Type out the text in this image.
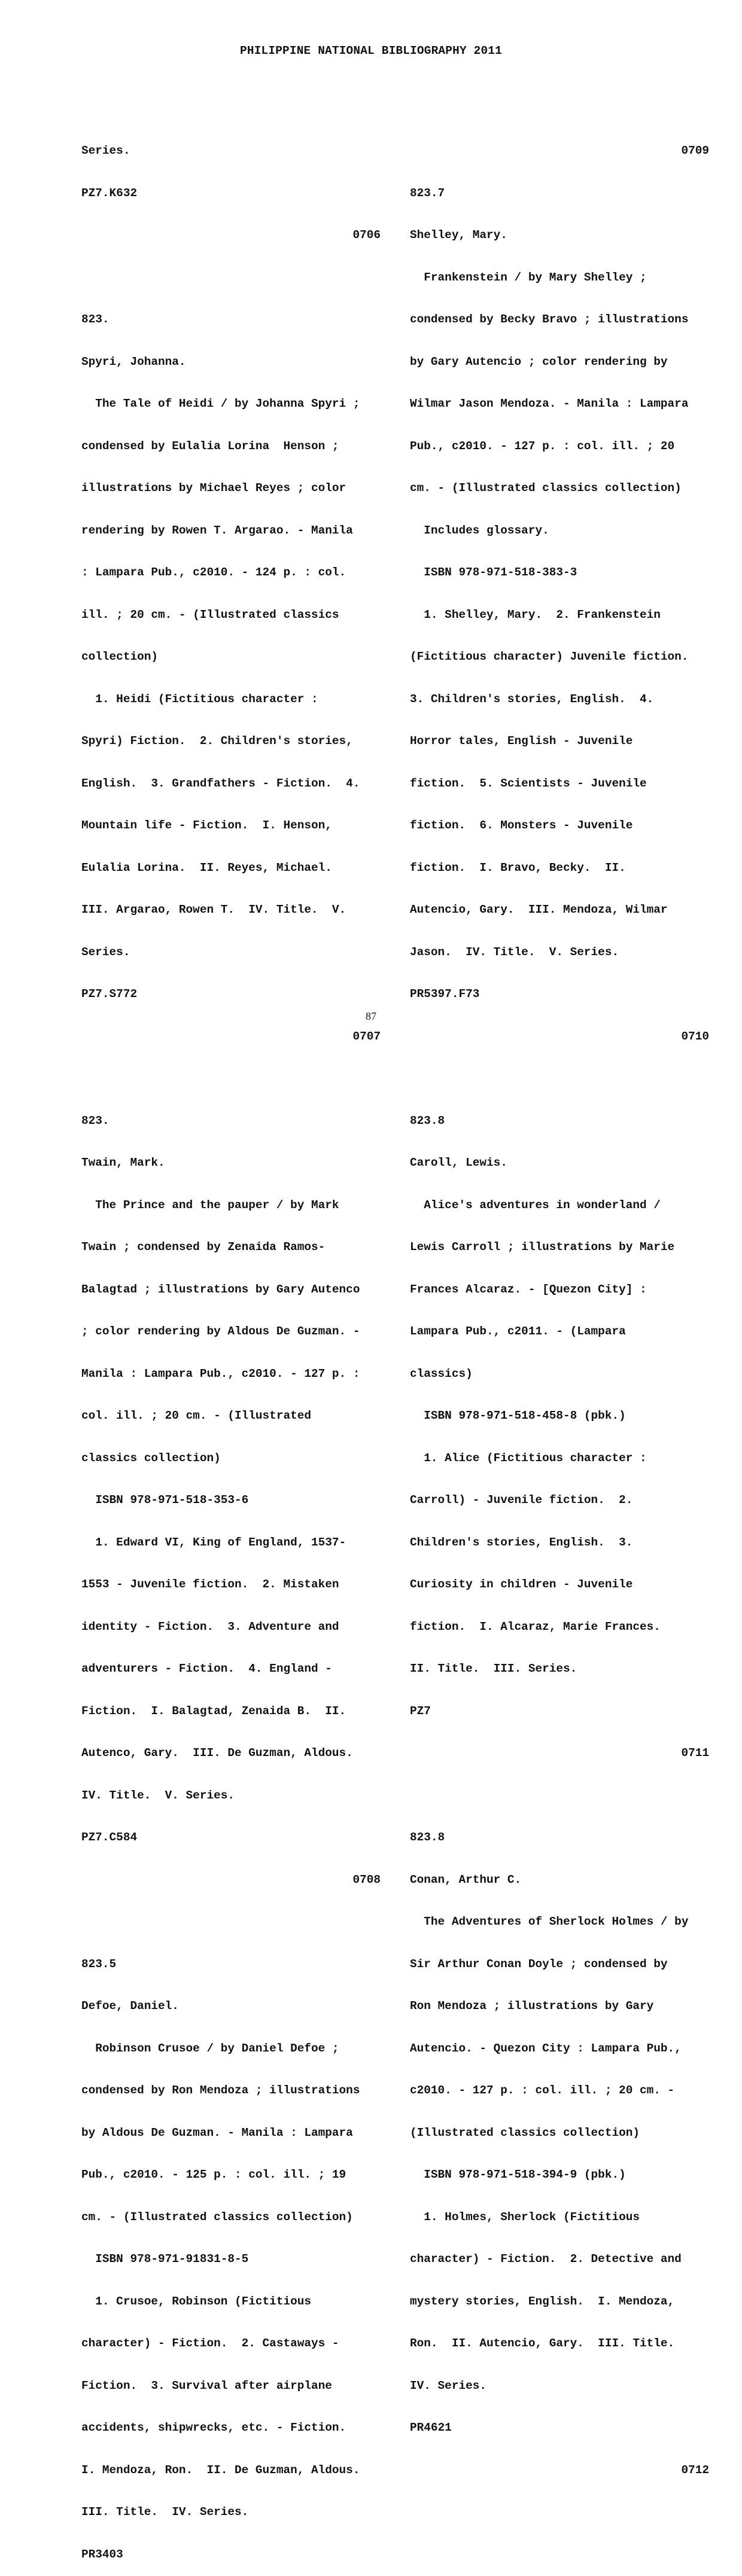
PHILIPPINE NATIONAL BIBLIOGRAPHY 2011

Series.

PZ7.K632

0706

823.

Spyri, Johanna.

The Tale of Heidi / by Johanna Spyri ;

condensed by Eulalia Lorina  Henson ;

illustrations by Michael Reyes ; color

rendering by Rowen T. Argarao. - Manila

: Lampara Pub., c2010. - 124 p. : col.

ill. ; 20 cm. - (Illustrated classics

collection)

1. Heidi (Fictitious character :

Spyri) Fiction.  2. Children's stories,

English.  3. Grandfathers - Fiction.  4.

Mountain life - Fiction.  I. Henson,

Eulalia Lorina.  II. Reyes, Michael.

III. Argarao, Rowen T.  IV. Title.  V.

Series.

PZ7.S772

0707

823.

Twain, Mark.

The Prince and the pauper / by Mark

Twain ; condensed by Zenaida Ramos-

Balagtad ; illustrations by Gary Autenco

; color rendering by Aldous De Guzman. -

Manila : Lampara Pub., c2010. - 127 p. :

col. ill. ; 20 cm. - (Illustrated

classics collection)

ISBN 978-971-518-353-6

1. Edward VI, King of England, 1537-

1553 - Juvenile fiction.  2. Mistaken

identity - Fiction.  3. Adventure and

adventurers - Fiction.  4. England -

Fiction.  I. Balagtad, Zenaida B.  II.

Autenco, Gary.  III. De Guzman, Aldous.

IV. Title.  V. Series.

PZ7.C584

0708

823.5

Defoe, Daniel.

Robinson Crusoe / by Daniel Defoe ;

condensed by Ron Mendoza ; illustrations

by Aldous De Guzman. - Manila : Lampara

Pub., c2010. - 125 p. : col. ill. ; 19

cm. - (Illustrated classics collection)

ISBN 978-971-91831-8-5

1. Crusoe, Robinson (Fictitious

character) - Fiction.  2. Castaways -

Fiction.  3. Survival after airplane

accidents, shipwrecks, etc. - Fiction.

I. Mendoza, Ron.  II. De Guzman, Aldous.

III. Title.  IV. Series.

PR3403

0709

823.7

Shelley, Mary.

Frankenstein / by Mary Shelley ;

condensed by Becky Bravo ; illustrations

by Gary Autencio ; color rendering by

Wilmar Jason Mendoza. - Manila : Lampara

Pub., c2010. - 127 p. : col. ill. ; 20

cm. - (Illustrated classics collection)

Includes glossary.

ISBN 978-971-518-383-3

1. Shelley, Mary.  2. Frankenstein

(Fictitious character) Juvenile fiction.

3. Children's stories, English.  4.

Horror tales, English - Juvenile

fiction.  5. Scientists - Juvenile

fiction.  6. Monsters - Juvenile

fiction.  I. Bravo, Becky.  II.

Autencio, Gary.  III. Mendoza, Wilmar

Jason.  IV. Title.  V. Series.

PR5397.F73

0710

823.8

Caroll, Lewis.

Alice's adventures in wonderland /

Lewis Carroll ; illustrations by Marie

Frances Alcaraz. - [Quezon City] :

Lampara Pub., c2011. - (Lampara

classics)

ISBN 978-971-518-458-8 (pbk.)

1. Alice (Fictitious character :

Carroll) - Juvenile fiction.  2.

Children's stories, English.  3.

Curiosity in children - Juvenile

fiction.  I. Alcaraz, Marie Frances.

II. Title.  III. Series.

PZ7

0711

823.8

Conan, Arthur C.

The Adventures of Sherlock Holmes / by

Sir Arthur Conan Doyle ; condensed by

Ron Mendoza ; illustrations by Gary

Autencio. - Quezon City : Lampara Pub.,

c2010. - 127 p. : col. ill. ; 20 cm. -

(Illustrated classics collection)

ISBN 978-971-518-394-9 (pbk.)

1. Holmes, Sherlock (Fictitious

character) - Fiction.  2. Detective and

mystery stories, English.  I. Mendoza,

Ron.  II. Autencio, Gary.  III. Title.

IV. Series.

PR4621

0712

87
